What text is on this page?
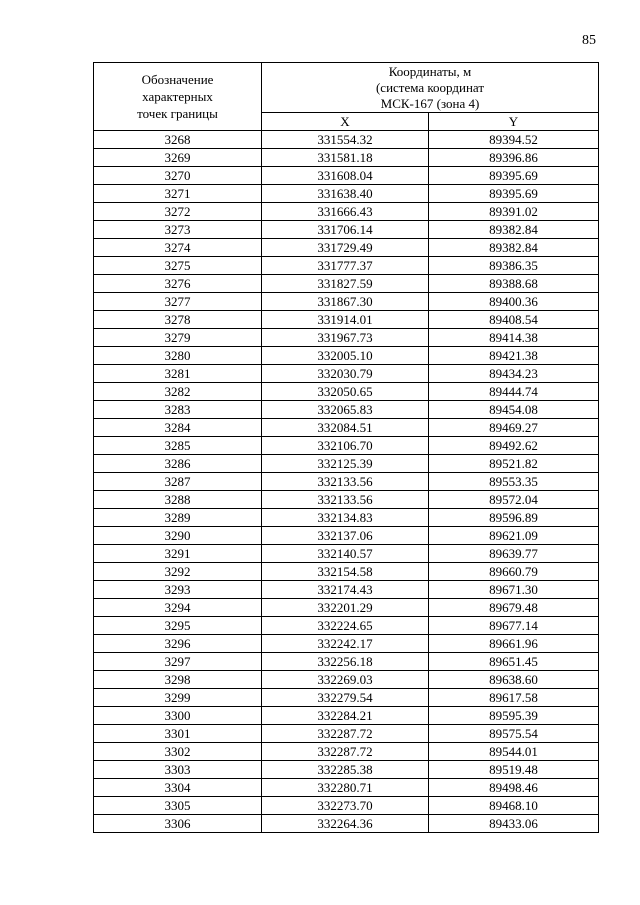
85
Обозначение
характерных
точек границы	Координаты, м
(система координат
МСК-167 (зона 4)	

	X	Y
3268	331554.32	89394.52
3269	331581.18	89396.86
3270	331608.04	89395.69
3271	331638.40	89395.69
3272	331666.43	89391.02
3273	331706.14	89382.84
3274	331729.49	89382.84
3275	331777.37	89386.35
3276	331827.59	89388.68
3277	331867.30	89400.36
3278	331914.01	89408.54
3279	331967.73	89414.38
3280	332005.10	89421.38
3281	332030.79	89434.23
3282	332050.65	89444.74
3283	332065.83	89454.08
3284	332084.51	89469.27
3285	332106.70	89492.62
3286	332125.39	89521.82
3287	332133.56	89553.35
3288	332133.56	89572.04
3289	332134.83	89596.89
3290	332137.06	89621.09
3291	332140.57	89639.77
3292	332154.58	89660.79
3293	332174.43	89671.30
3294	332201.29	89679.48
3295	332224.65	89677.14
3296	332242.17	89661.96
3297	332256.18	89651.45
3298	332269.03	89638.60
3299	332279.54	89617.58
3300	332284.21	89595.39
3301	332287.72	89575.54
3302	332287.72	89544.01
3303	332285.38	89519.48
3304	332280.71	89498.46
3305	332273.70	89468.10
3306	332264.36	89433.06
